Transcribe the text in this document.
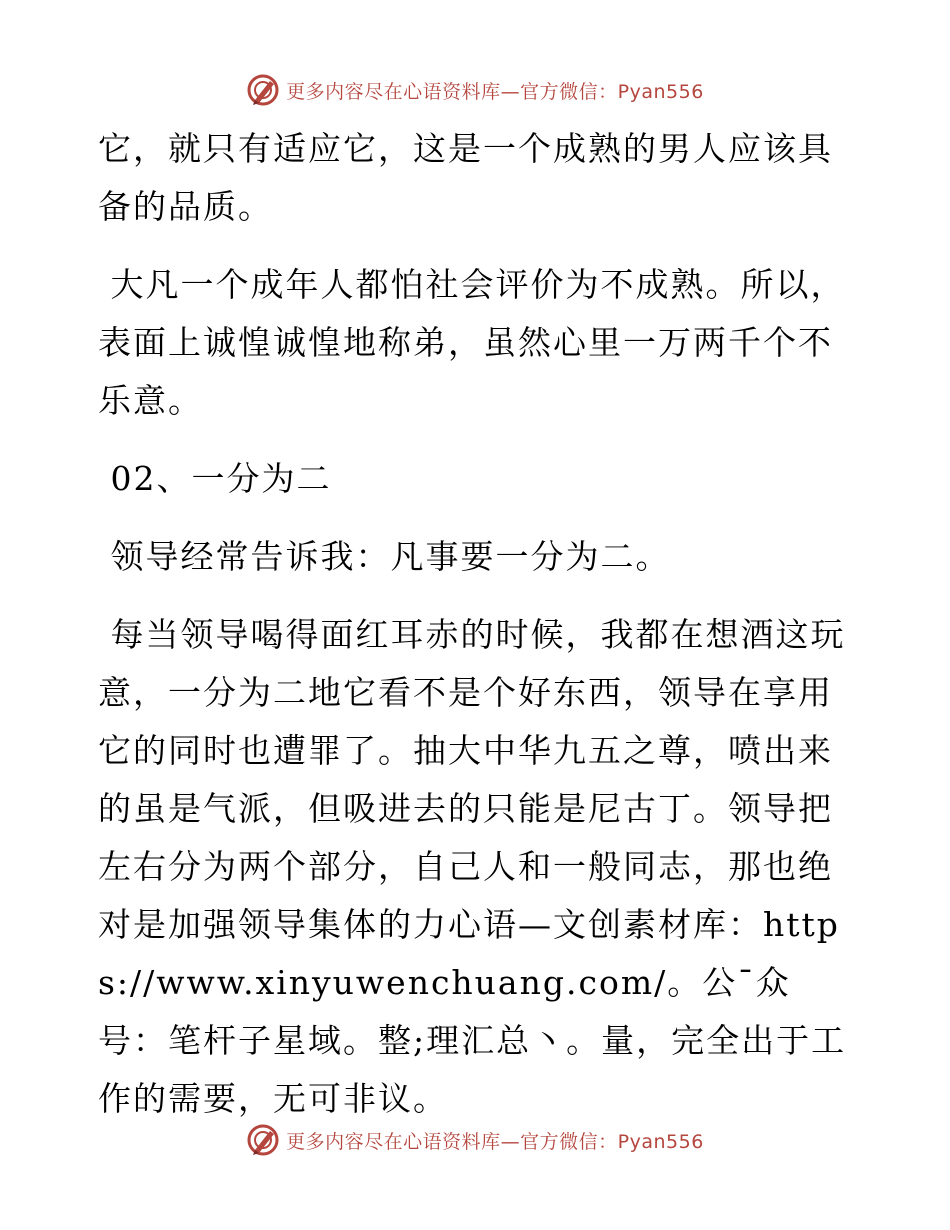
更多内容尽在心语资料库—官方微信：Pyan556

它，就只有适应它，这是一个成熟的男人应该具备的品质。

大凡一个成年人都怕社会评价为不成熟。所以，表面上诚惶诚惶地称弟，虽然心里一万两千个不乐意。

02、一分为二

领导经常告诉我：凡事要一分为二。

每当领导喝得面红耳赤的时候，我都在想酒这玩意，一分为二地它看不是个好东西，领导在享用它的同时也遭罪了。抽大中华九五之尊，喷出来的虽是气派，但吸进去的只能是尼古丁。领导把左右分为两个部分，自己人和一般同志，那也绝对是加强领导集体的力心语—文创素材库：https://www.xinyuwenchuang.com/。公¯众号：笔杆子星域。整;理汇总丶。量，完全出于工作的需要，无可非议。

更多内容尽在心语资料库—官方微信：Pyan556
